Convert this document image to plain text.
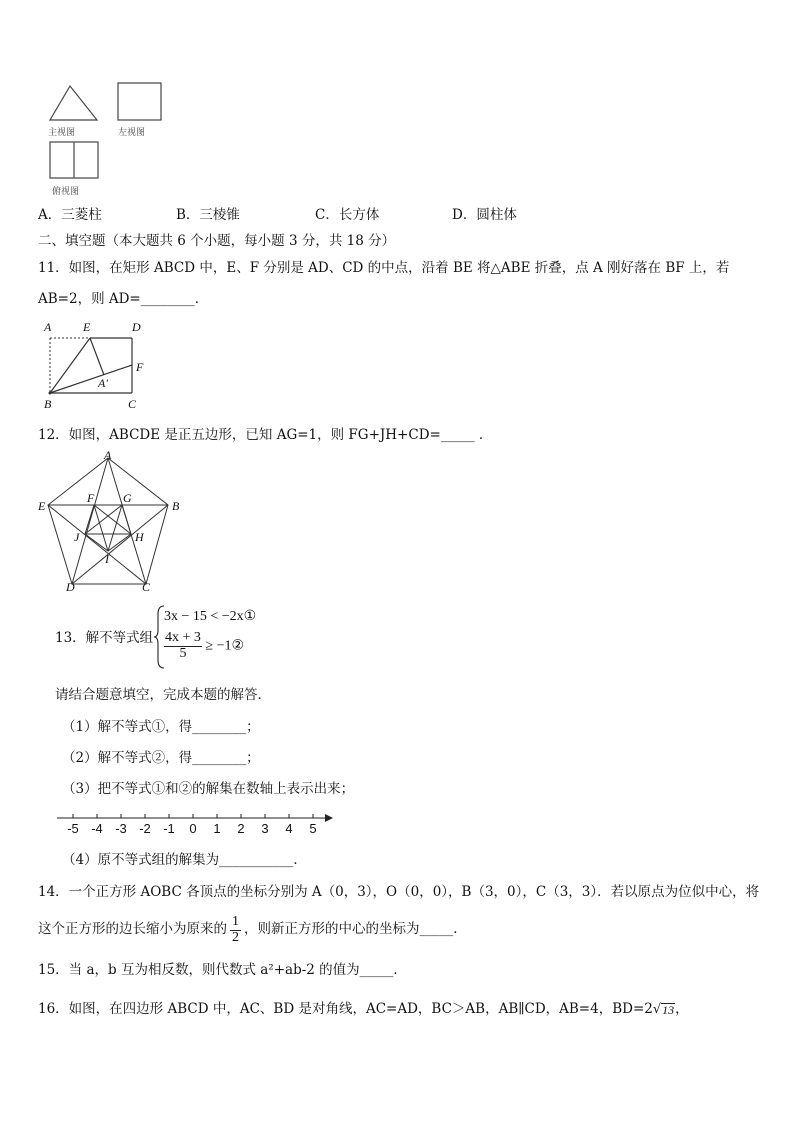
主视图	左视图
俯视图
A．三菱柱	B．三棱锥	C．长方体	D．圆柱体
二、填空题（本大题共 6 个小题，每小题 3 分，共 18 分）
11．如图，在矩形 ABCD 中，E、F 分别是 AD、CD 的中点，沿着 BE 将△ABE 折叠，点 A 刚好落在 BF 上，若
AB=2，则 AD=________．
A	E	D
F
A′
B	C
12．如图，ABCDE 是正五边形，已知 AG=1，则 FG+JH+CD=_____ ．
A
B
C
D
E
F G
H
I
J
13．解不等式组
3x − 15 < −2x①
$\frac{4x + 3}{5}$ ≥ −1②
请结合题意填空，完成本题的解答．
（1）解不等式①，得________；
（2）解不等式②，得________；
（3）把不等式①和②的解集在数轴上表示出来；
-5 -4 -3 -2 -1	0	1	2	3	4	5
（4）原不等式组的解集为___________．
14．一个正方形 AOBC 各顶点的坐标分别为 A（0，3），O（0，0），B（3，0），C（3，3）．若以原点为位似中心，将
这个正方形的边长缩小为原来的 $\frac{1}{2}$ ，则新正方形的中心的坐标为_____．
15．当 a，b 互为相反数，则代数式 a²+ab-2 的值为_____．
16．如图，在四边形 ABCD 中，AC、BD 是对角线，AC=AD，BC＞AB，AB∥CD，AB=4，BD=2 √ 13 ，
